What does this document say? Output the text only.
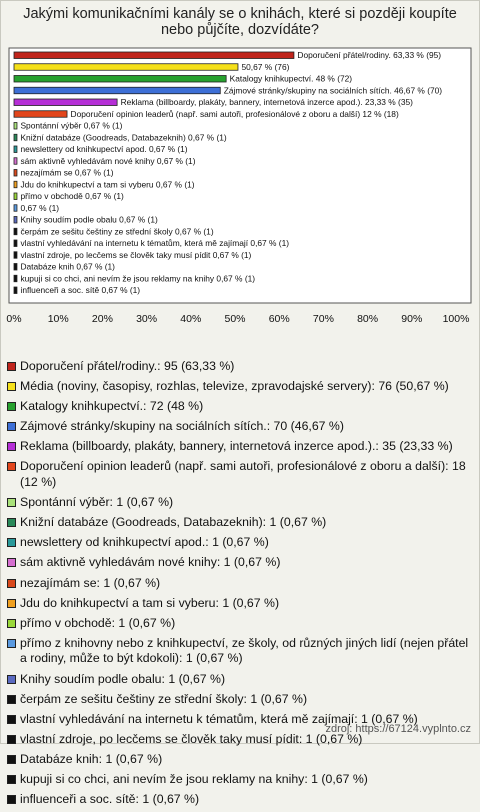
Jakými komunikačními kanály se o knihách, které si později koupíte nebo půjčíte, dozvídáte?
Doporučení přátel/rodiny. 63,33 % (95)
50,67 % (76)
Katalogy knihkupectví. 48 % (72)
Zájmové stránky/skupiny na sociálních sítích. 46,67 % (70)
Reklama (billboardy, plakáty, bannery, internetová inzerce apod.). 23,33 % (35)
Doporučení opinion leaderů (např. sami autoři, profesionálové z oboru a další) 12 % (18)
Spontánní výběr 0,67 % (1)
Knižní databáze (Goodreads, Databazeknih) 0,67 % (1)
newslettery od knihkupectví apod. 0,67 % (1)
sám aktivně vyhledávám nové knihy 0,67 % (1)
nezajímám se 0,67 % (1)
Jdu do knihkupectví a tam si vyberu 0,67 % (1)
přímo v obchodě 0,67 % (1)
0,67 % (1)
Knihy soudím podle obalu 0,67 % (1)
čerpám ze sešitu češtiny ze střední školy 0,67 % (1)
vlastní vyhledávání na internetu k tématům, která mě zajímají 0,67 % (1)
vlastní zdroje, po lecčems se člověk taky musí pídit 0,67 % (1)
Databáze knih 0,67 % (1)
kupuji si co chci, ani nevím že jsou reklamy na knihy 0,67 % (1)
influenceři a soc. sítě 0,67 % (1)
0% 10% 20% 30% 40% 50% 60% 70% 80% 90% 100%
Doporučení přátel/rodiny.: 95 (63,33 %)
Média (noviny, časopisy, rozhlas, televize, zpravodajské servery): 76 (50,67 %)
Katalogy knihkupectví.: 72 (48 %)
Zájmové stránky/skupiny na sociálních sítích.: 70 (46,67 %)
Reklama (billboardy, plakáty, bannery, internetová inzerce apod.).: 35 (23,33 %)
Doporučení opinion leaderů (např. sami autoři, profesionálové z oboru a další): 18 (12 %)
Spontánní výběr: 1 (0,67 %)
Knižní databáze (Goodreads, Databazeknih): 1 (0,67 %)
newslettery od knihkupectví apod.: 1 (0,67 %)
sám aktivně vyhledávám nové knihy: 1 (0,67 %)
nezajímám se: 1 (0,67 %)
Jdu do knihkupectví a tam si vyberu: 1 (0,67 %)
přímo v obchodě: 1 (0,67 %)
přímo z knihovny nebo z knihkupectví, ze školy, od různých jiných lidí (nejen přátel a rodiny, může to být kdokoli): 1 (0,67 %)
Knihy soudím podle obalu: 1 (0,67 %)
čerpám ze sešitu češtiny ze střední školy: 1 (0,67 %)
vlastní vyhledávání na internetu k tématům, která mě zajímají: 1 (0,67 %)
vlastní zdroje, po lecčems se člověk taky musí pídit: 1 (0,67 %)
Databáze knih: 1 (0,67 %)
kupuji si co chci, ani nevím že jsou reklamy na knihy: 1 (0,67 %)
influenceři a soc. sítě: 1 (0,67 %)
zdroj: https://67124.vyplnto.cz
